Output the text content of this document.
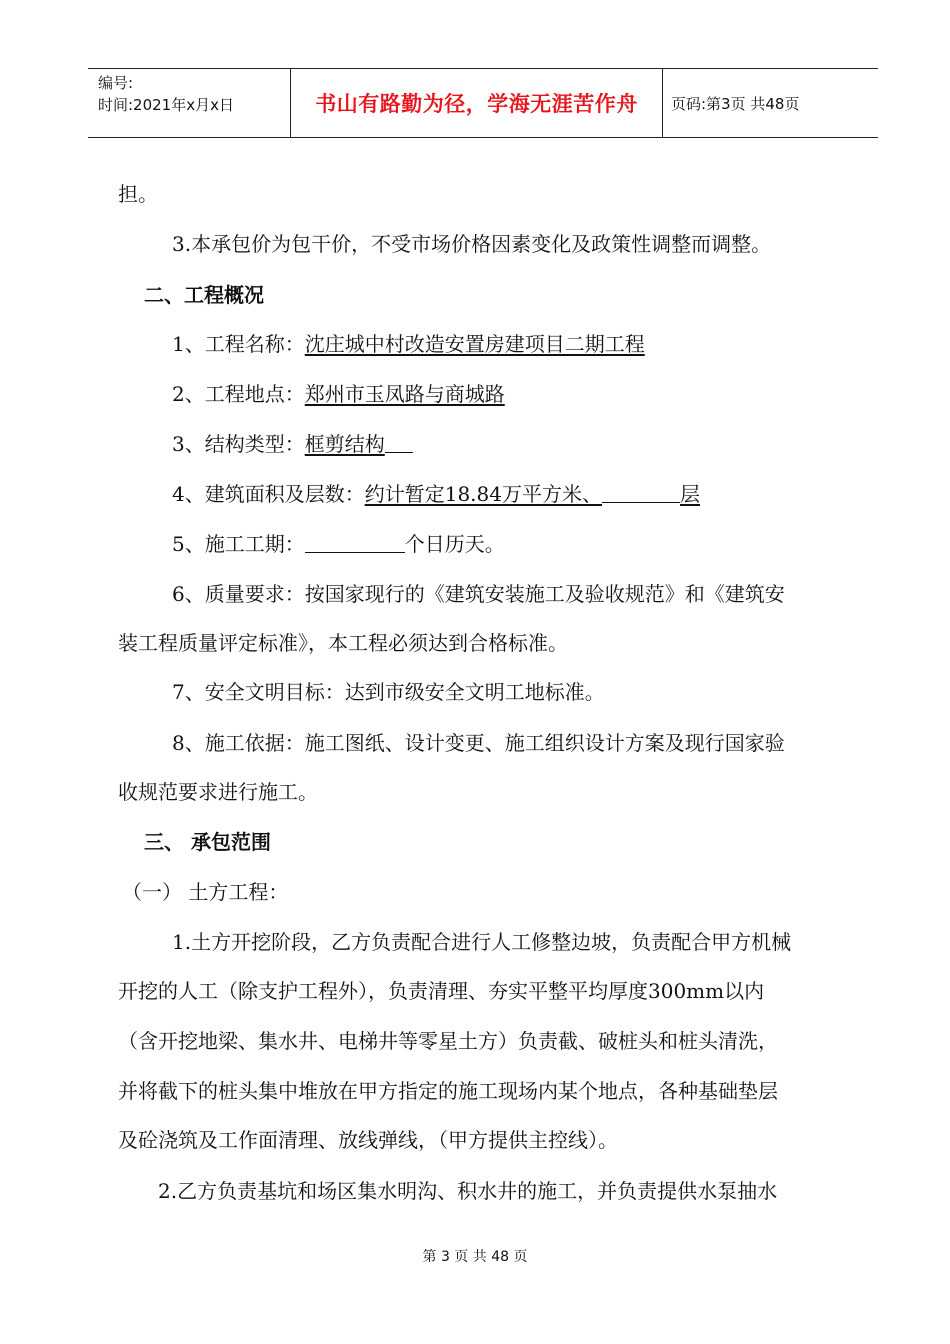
编号:
时间:2021年x月x日	书山有路勤为径，学海无涯苦作舟	页码:第3页 共48页
担。
3.本承包价为包干价，不受市场价格因素变化及政策性调整而调整。
二、工程概况
1、工程名称：沈庄城中村改造安置房建项目二期工程
2、工程地点：郑州市玉凤路与商城路
3、结构类型：框剪结构
4、建筑面积及层数：约计暂定18.84万平方米、	层
5、施工工期：	个日历天。
6、质量要求：按国家现行的《建筑安装施工及验收规范》和《建筑安
装工程质量评定标准》，本工程必须达到合格标准。
7、安全文明目标：达到市级安全文明工地标准。
8、施工依据：施工图纸、设计变更、施工组织设计方案及现行国家验
收规范要求进行施工。
三、 承包范围
（一） 土方工程：
1.土方开挖阶段，乙方负责配合进行人工修整边坡，负责配合甲方机械
开挖的人工（除支护工程外），负责清理、夯实平整平均厚度300mm以内
（含开挖地梁、集水井、电梯井等零星土方）负责截、破桩头和桩头清洗，
并将截下的桩头集中堆放在甲方指定的施工现场内某个地点，各种基础垫层
及砼浇筑及工作面清理、放线弹线，（甲方提供主控线）。
2.乙方负责基坑和场区集水明沟、积水井的施工，并负责提供水泵抽水
第 3 页 共 48 页
